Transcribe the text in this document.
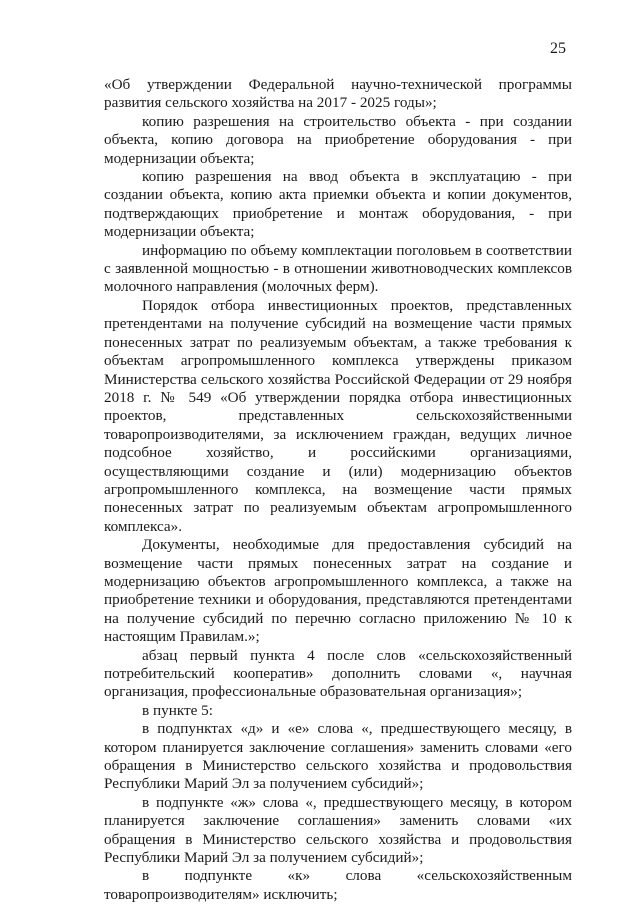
25

«Об утверждении Федеральной научно-технической программы развития сельского хозяйства на 2017 - 2025 годы»;

копию разрешения на строительство объекта - при создании объекта, копию договора на приобретение оборудования - при модернизации объекта;

копию разрешения на ввод объекта в эксплуатацию - при создании объекта, копию акта приемки объекта и копии документов, подтверждающих приобретение и монтаж оборудования, - при модернизации объекта;

информацию по объему комплектации поголовьем в соответствии с заявленной мощностью - в отношении животноводческих комплексов молочного направления (молочных ферм).

Порядок отбора инвестиционных проектов, представленных претендентами на получение субсидий на возмещение части прямых понесенных затрат по реализуемым объектам, а также требования к объектам агропромышленного комплекса утверждены приказом Министерства сельского хозяйства Российской Федерации от 29 ноября 2018 г. № 549 «Об утверждении порядка отбора инвестиционных проектов, представленных сельскохозяйственными товаропроизводителями, за исключением граждан, ведущих личное подсобное хозяйство, и российскими организациями, осуществляющими создание и (или) модернизацию объектов агропромышленного комплекса, на возмещение части прямых понесенных затрат по реализуемым объектам агропромышленного комплекса».

Документы, необходимые для предоставления субсидий на возмещение части прямых понесенных затрат на создание и модернизацию объектов агропромышленного комплекса, а также на приобретение техники и оборудования, представляются претендентами на получение субсидий по перечню согласно приложению № 10 к настоящим Правилам.»;

абзац первый пункта 4 после слов «сельскохозяйственный потребительский кооператив» дополнить словами «, научная организация, профессиональные образовательная организация»;

в пункте 5:

в подпунктах «д» и «е» слова «, предшествующего месяцу, в котором планируется заключение соглашения» заменить словами «его обращения в Министерство сельского хозяйства и продовольствия Республики Марий Эл за получением субсидий»;

в подпункте «ж» слова «, предшествующего месяцу, в котором планируется заключение соглашения» заменить словами «их обращения в Министерство сельского хозяйства и продовольствия Республики Марий Эл за получением субсидий»;

в подпункте «к» слова «сельскохозяйственным товаропроизводителям» исключить;
